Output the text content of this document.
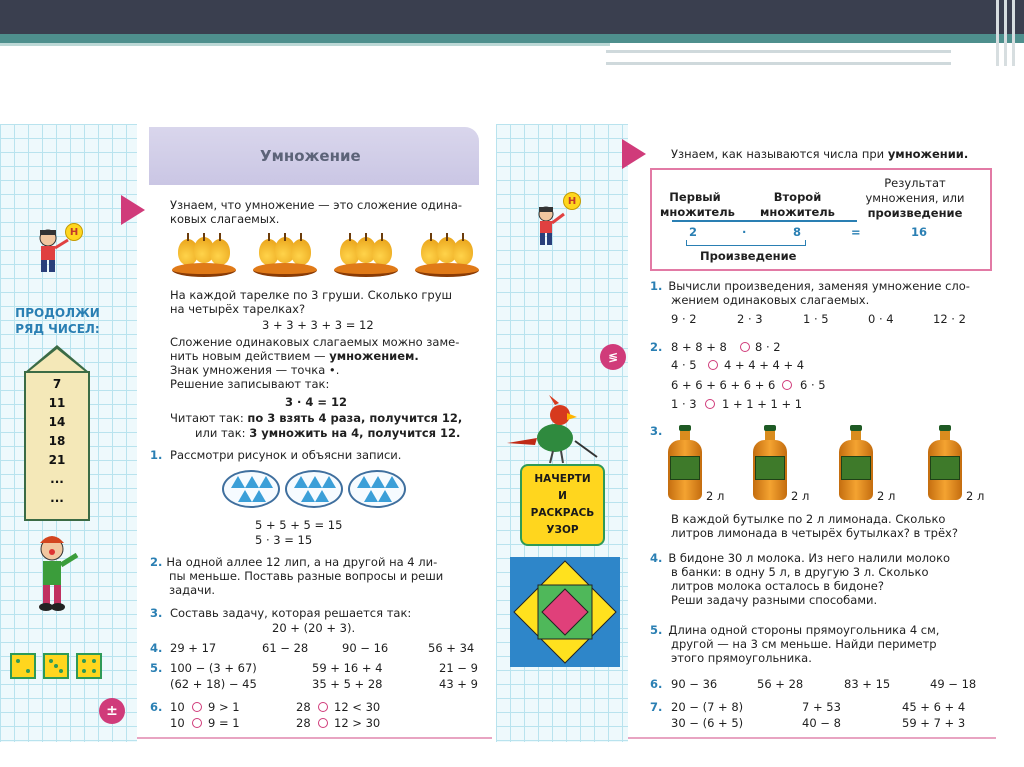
Н
ПРОДОЛЖИ
РЯД ЧИСЕЛ:
7
11
14
18
21
...
...
±
Умножение
Узнаем, что умножение — это сложение одина-
ковых слагаемых.
На каждой тарелке по 3 груши. Сколько груш
на четырёх тарелках?
3 + 3 + 3 + 3 = 12
Сложение одинаковых слагаемых можно заме-
нить новым действием — умножением.
Знак умножения — точка •.
Решение записывают так:
3 · 4 = 12
Читают так: по 3 взять 4 раза, получится 12,
или так: 3 умножить на 4, получится 12.
1. Рассмотри рисунок и объясни записи.
5 + 5 + 5 = 15
5 · 3 = 15
2. На одной аллее 12 лип, а на другой на 4 ли-
пы меньше. Поставь разные вопросы и реши
задачи.
3. Составь задачу, которая решается так:
20 + (20 + 3).
4. 29 + 17	61 − 28	90 − 16	56 + 34
5. 100 − (3 + 67)	59 + 16 + 4	21 − 9
(62 + 18) − 45	35 + 5 + 28	43 + 9
6. 10 9 > 1	28 12 < 30
10 9 = 1	28 12 > 30
Н
≶
НАЧЕРТИ
И
РАСКРАСЬ
УЗОР
Узнаем, как называются числа при умножении.
Первый
множитель
Второй
множитель
Результат
умножения, или
произведение
2	·	8	=	16
Произведение
1. Вычисли произведения, заменяя умножение сло-
жением одинаковых слагаемых.
9 · 2	2 · 3	1 · 5	0 · 4	12 · 2
2. 8 + 8 + 8 8 · 2
4 · 5 4 + 4 + 4 + 4
6 + 6 + 6 + 6 + 6 6 · 5
1 · 3 1 + 1 + 1 + 1
3.
2 л	2 л	2 л	2 л
В каждой бутылке по 2 л лимонада. Сколько
литров лимонада в четырёх бутылках? в трёх?
4. В бидоне 30 л молока. Из него налили молоко
в банки: в одну 5 л, в другую 3 л. Сколько
литров молока осталось в бидоне?
Реши задачу разными способами.
5. Длина одной стороны прямоугольника 4 см,
другой — на 3 см меньше. Найди периметр
этого прямоугольника.
6. 90 − 36	56 + 28	83 + 15	49 − 18
7. 20 − (7 + 8)	7 + 53	45 + 6 + 4
30 − (6 + 5)	40 − 8	59 + 7 + 3
